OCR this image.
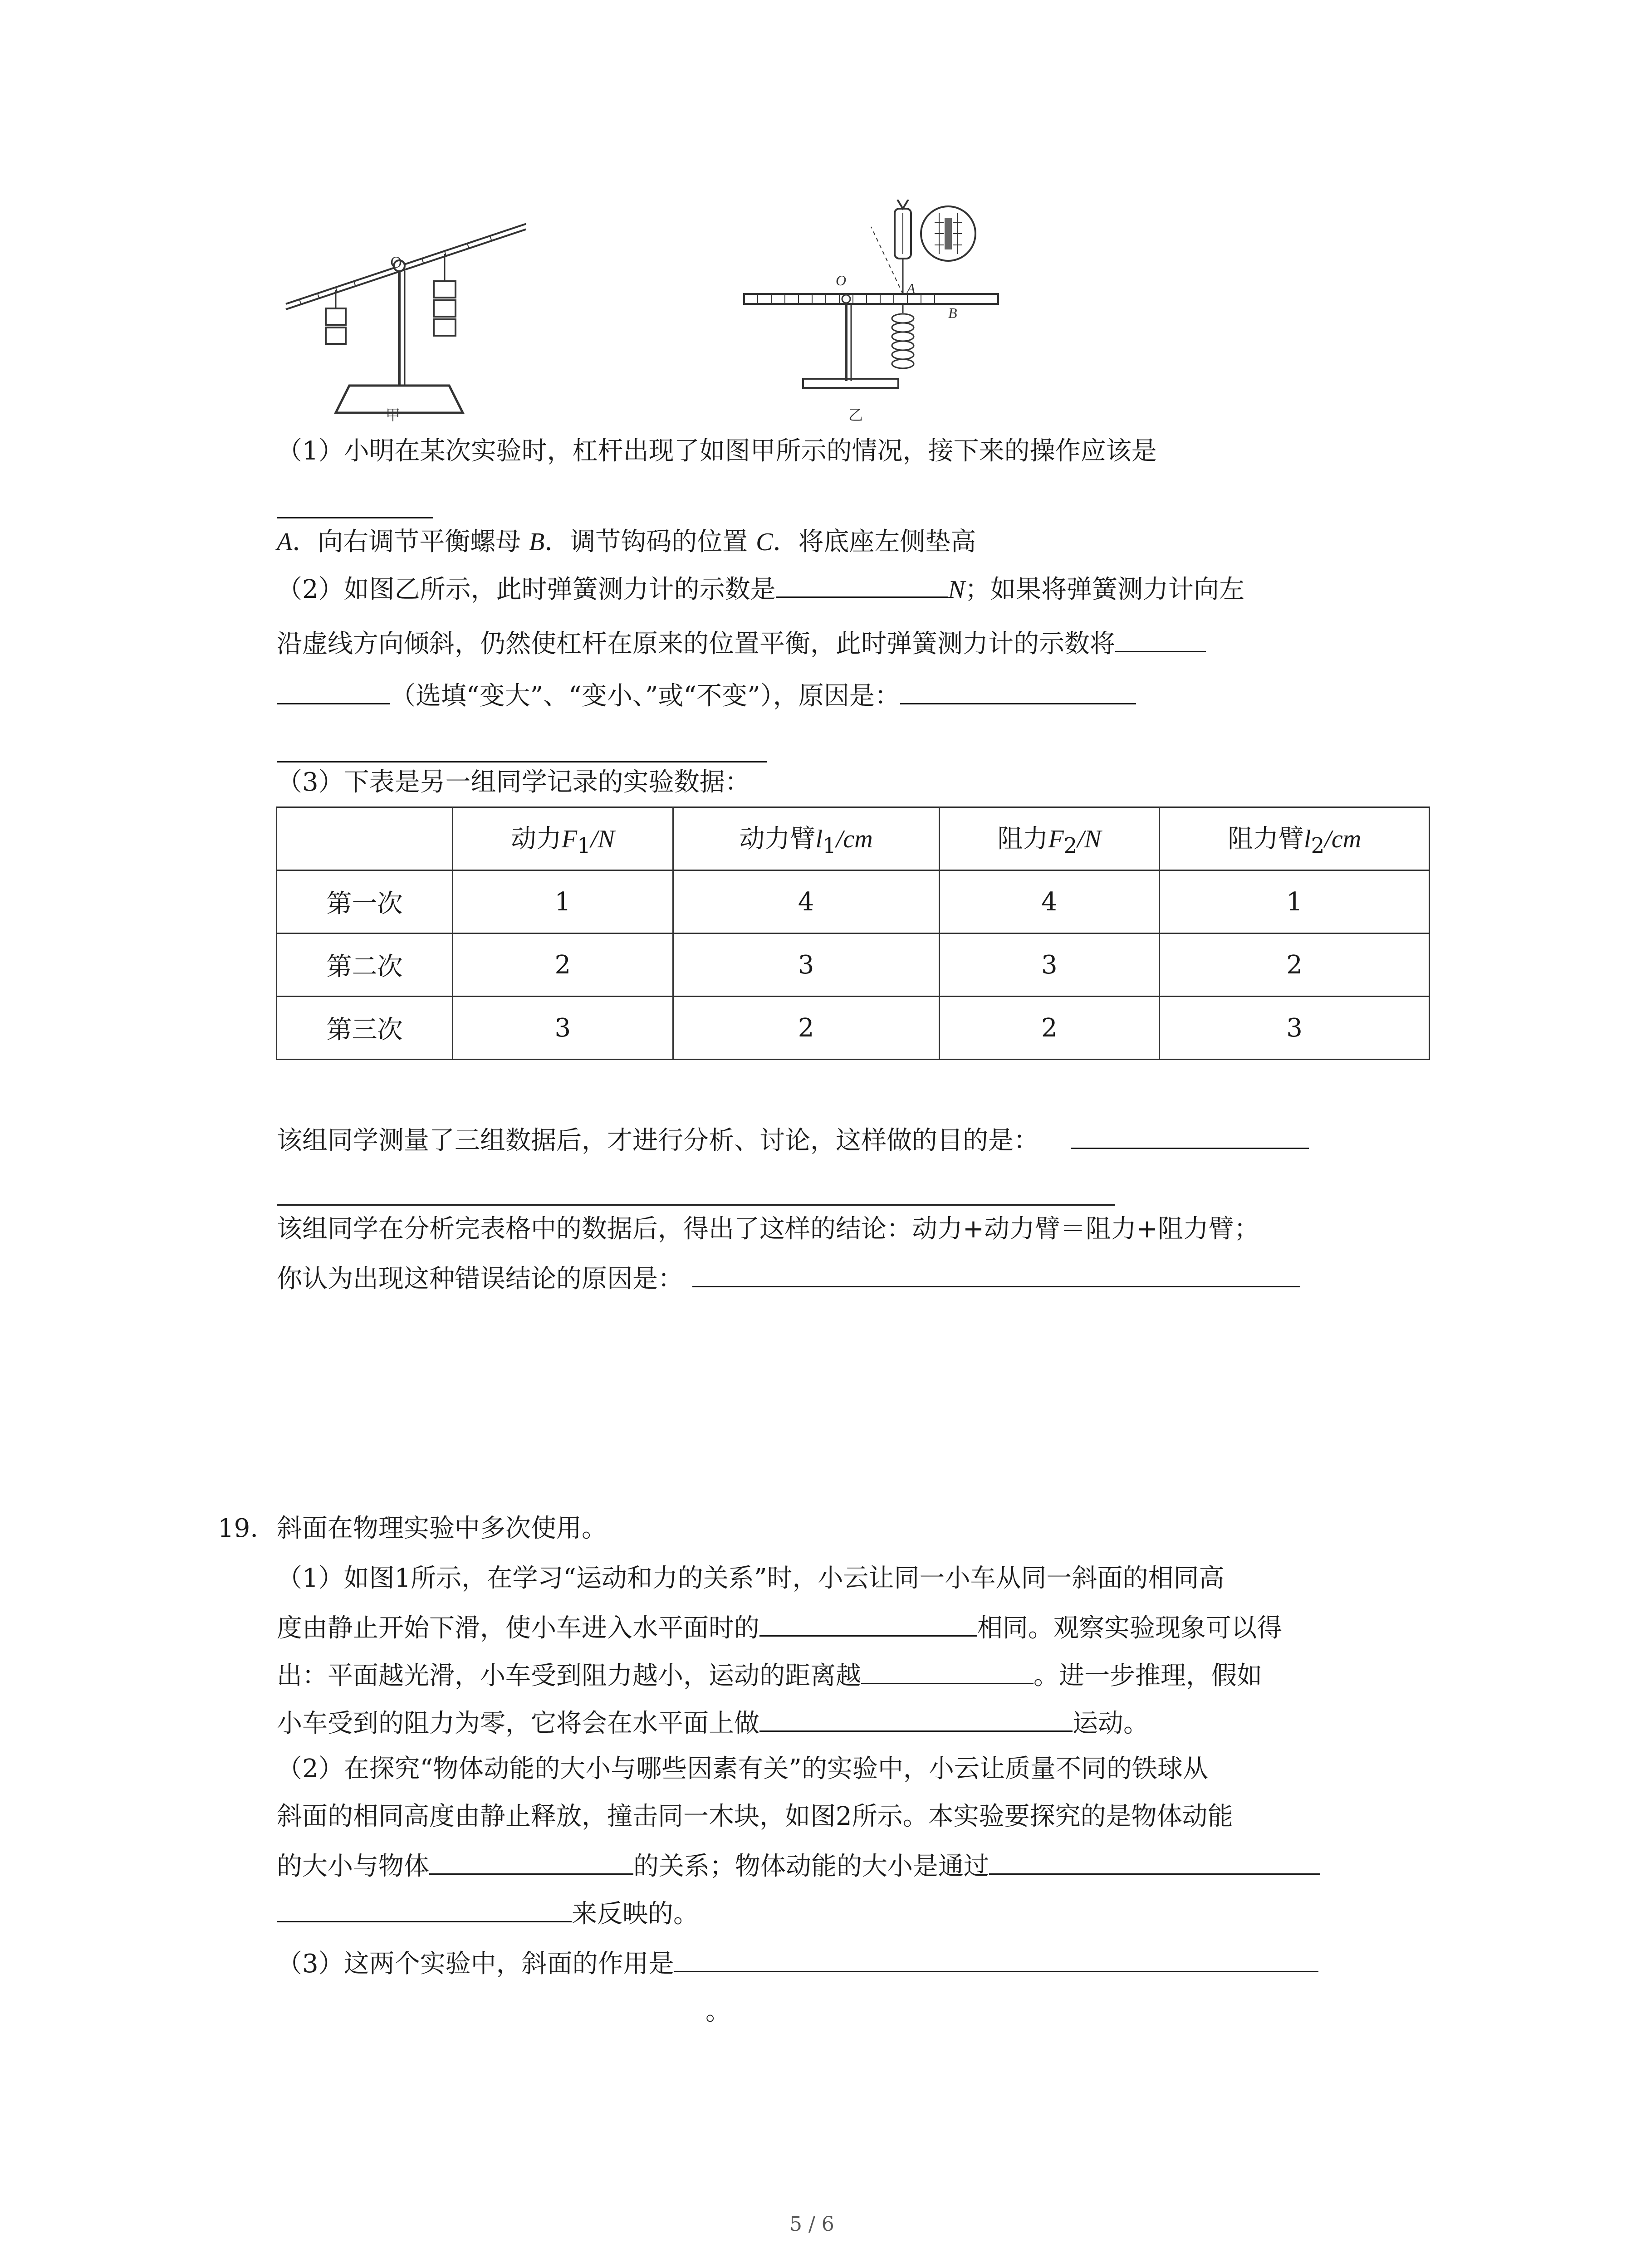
O
甲
O	A
B
乙
（1）小明在某次实验时，杠杆出现了如图甲所示的情况，接下来的操作应该是
A．向右调节平衡螺母 B．调节钩码的位置 C．将底座左侧垫高
（2）如图乙所示，此时弹簧测力计的示数是	N；如果将弹簧测力计向左
沿虚线方向倾斜，仍然使杠杆在原来的位置平衡，此时弹簧测力计的示数将
（选填“变大”、“变小、”或“不变”），原因是：
（3）下表是另一组同学记录的实验数据：
	动力$F_1/N$	动力臂$l_1/cm$	阻力$F_2/N$	阻力臂$l_2/cm$
第一次	1	4	4	1
第二次	2	3	3	2
第三次	3	2	2	3
该组同学测量了三组数据后，才进行分析、讨论，这样做的目的是：
该组同学在分析完表格中的数据后，得出了这样的结论：动力+动力臂＝阻力+阻力臂；
你认为出现这种错误结论的原因是：
19. 斜面在物理实验中多次使用。
（1）如图1所示，在学习“运动和力的关系”时，小云让同一小车从同一斜面的相同高
度由静止开始下滑，使小车进入水平面时的	相同。观察实验现象可以得
出：平面越光滑，小车受到阻力越小，运动的距离越	。进一步推理，假如
小车受到的阻力为零，它将会在水平面上做	运动。
（2）在探究“物体动能的大小与哪些因素有关”的实验中，小云让质量不同的铁球从
斜面的相同高度由静止释放，撞击同一木块，如图2所示。本实验要探究的是物体动能
的大小与物体	的关系；物体动能的大小是通过
来反映的。
（3）这两个实验中，斜面的作用是
。
5 / 6
